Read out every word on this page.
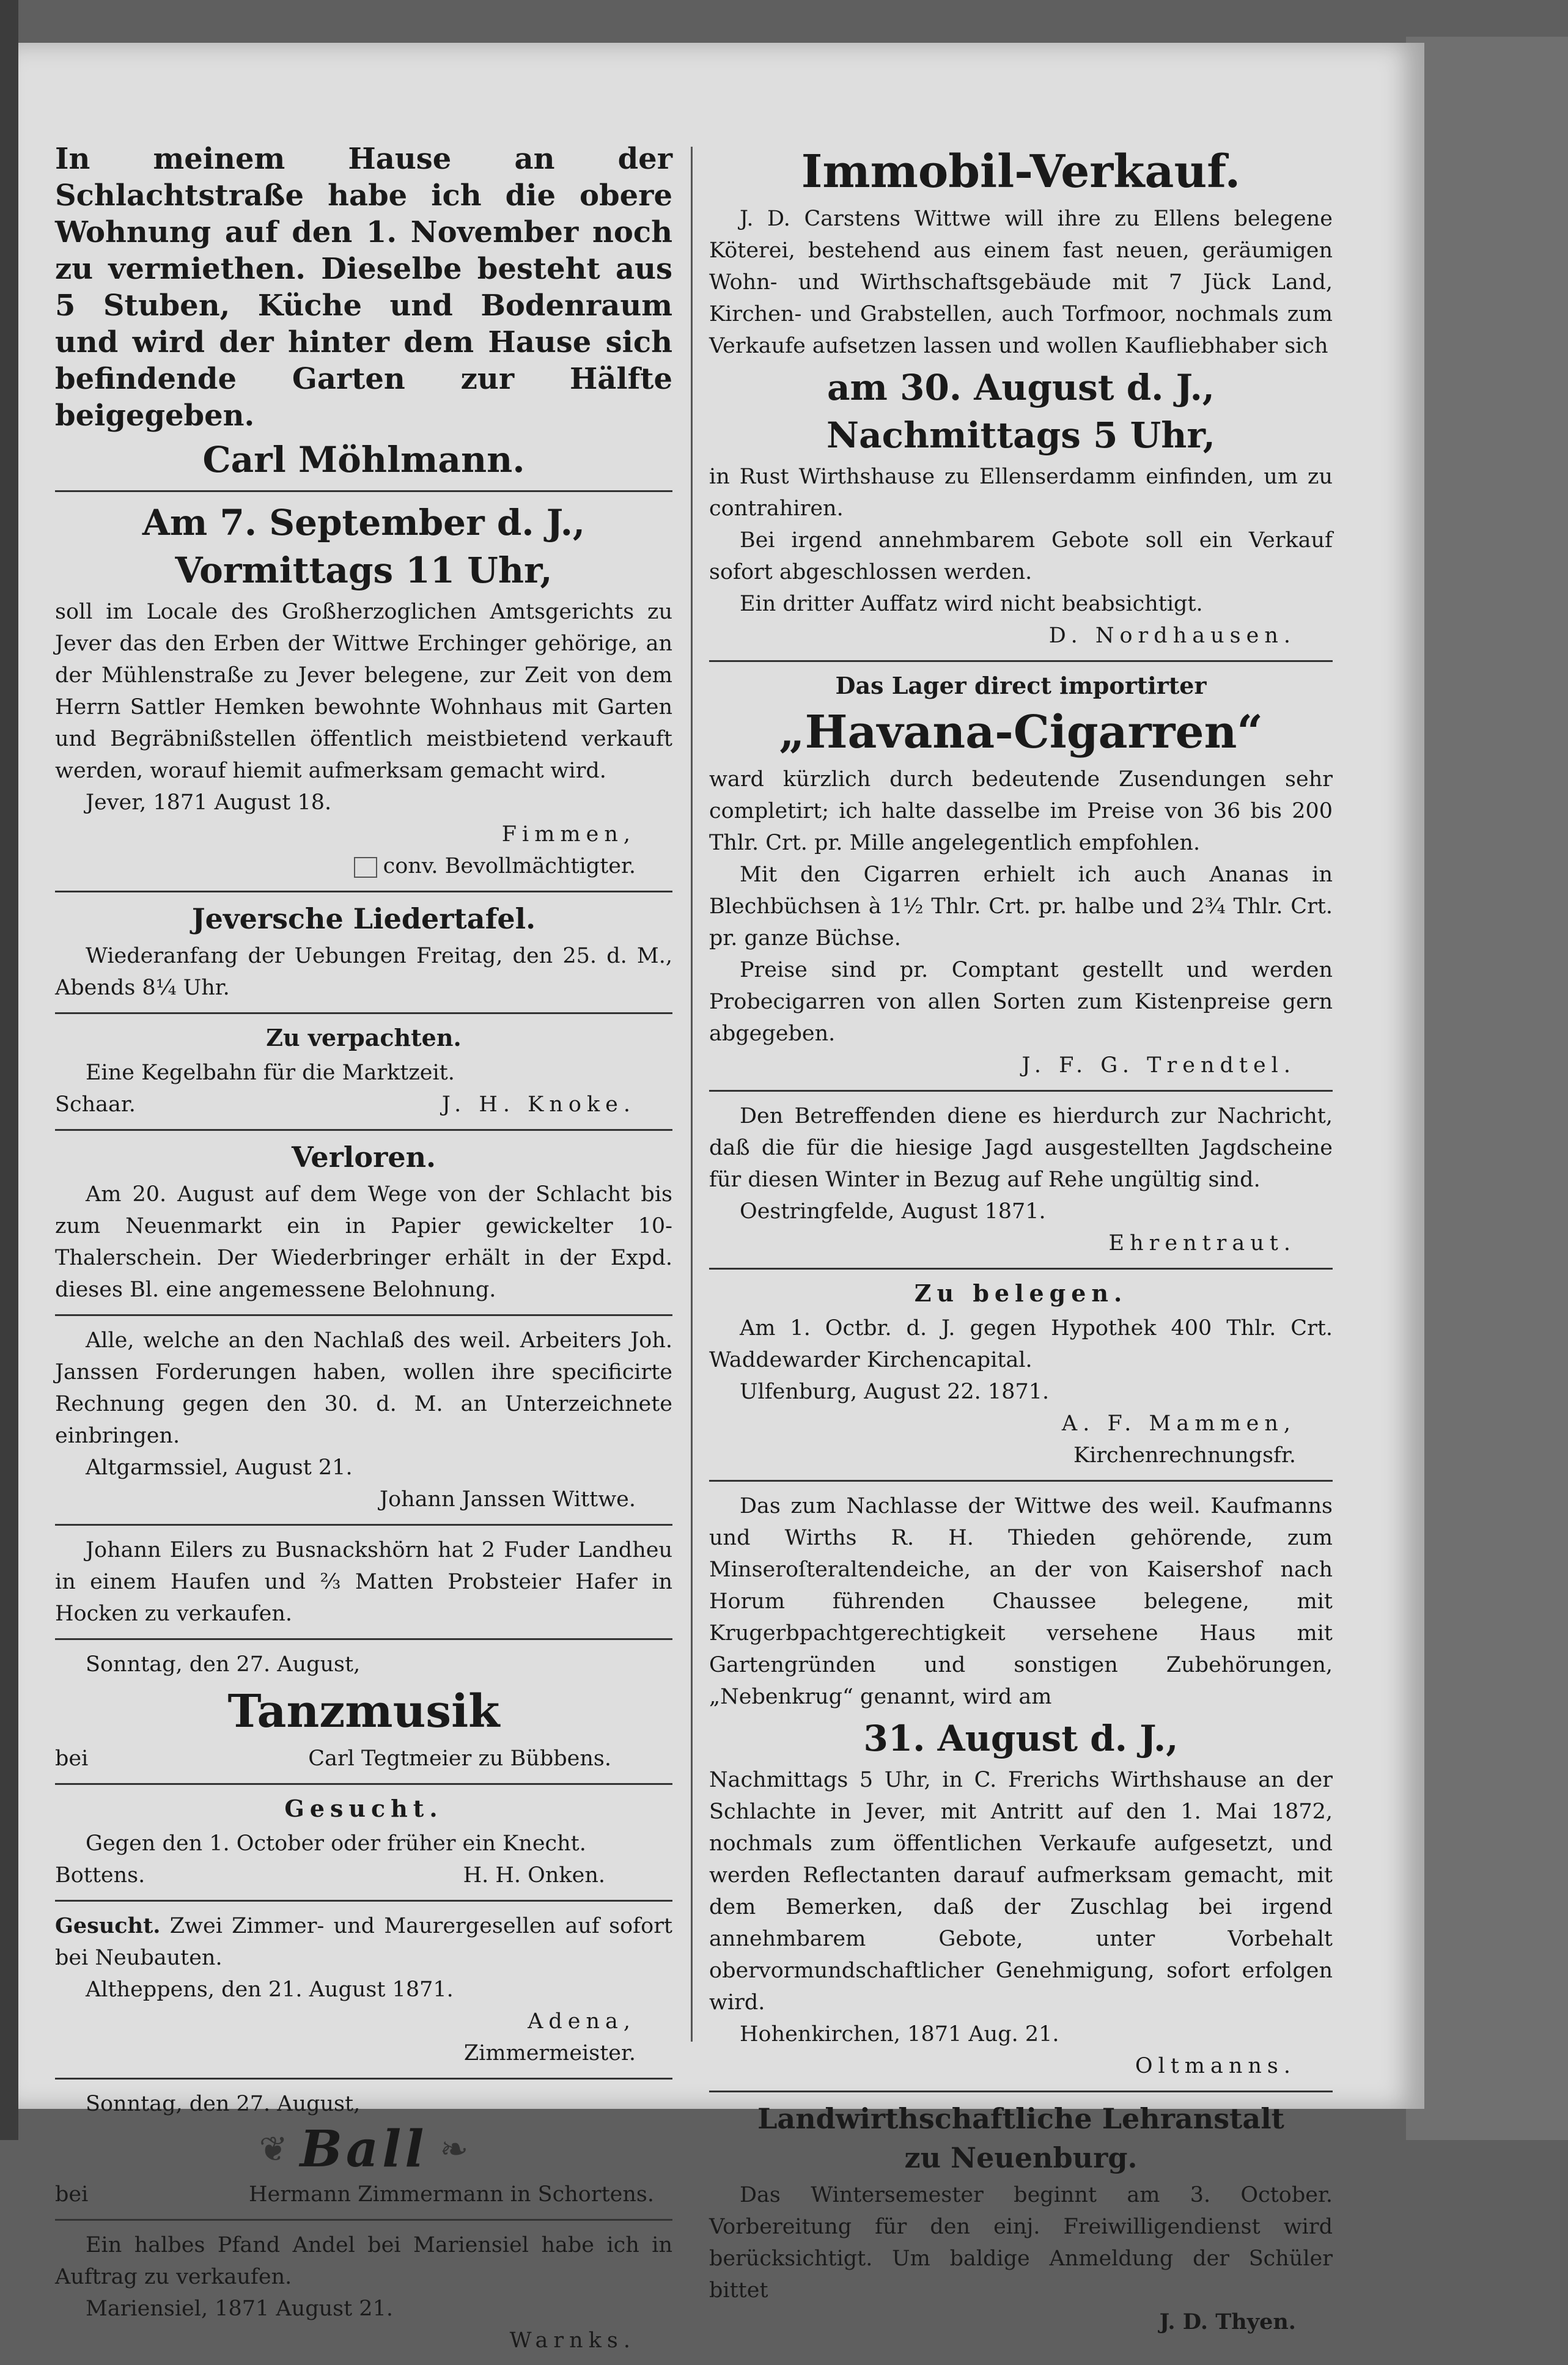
In meinem Hause an der Schlachtstraße habe ich die obere Wohnung auf den 1. November noch zu vermiethen. Dieselbe besteht aus 5 Stuben, Küche und Bodenraum und wird der hinter dem Hause sich befindende Garten zur Hälfte beigegeben.

Carl Möhlmann.
Am 7. September d. J.,
Vormittags 11 Uhr,

soll im Locale des Großherzoglichen Amtsgerichts zu Jever das den Erben der Wittwe Erchinger gehörige, an der Mühlenstraße zu Jever belegene, zur Zeit von dem Herrn Sattler Hemken bewohnte Wohnhaus mit Garten und Begräbnißstellen öffentlich meistbietend verkauft werden, worauf hiemit aufmerksam gemacht wird.

Jever, 1871 August 18.

Fimmen,

conv. Bevollmächtigter.

Jeversche Liedertafel.

Wiederanfang der Uebungen Freitag, den 25. d. M., Abends 8¼ Uhr.

Zu verpachten.

Eine Kegelbahn für die Marktzeit.

Schaar.	J. H. Knoke.
Verloren.

Am 20. August auf dem Wege von der Schlacht bis zum Neuenmarkt ein in Papier gewickelter 10-Thalerschein. Der Wiederbringer erhält in der Expd. dieses Bl. eine angemessene Belohnung.

Alle, welche an den Nachlaß des weil. Arbeiters Joh. Janssen Forderungen haben, wollen ihre specificirte Rechnung gegen den 30. d. M. an Unterzeichnete einbringen.

Altgarmssiel, August 21.

Johann Janssen Wittwe.

Johann Eilers zu Busnackshörn hat 2 Fuder Landheu in einem Haufen und ⅔ Matten Probsteier Hafer in Hocken zu verkaufen.

Sonntag, den 27. August,

Tanzmusik
bei	Carl Tegtmeier zu Bübbens.
Gesucht.

Gegen den 1. October oder früher ein Knecht.

Bottens.	H. H. Onken.

Gesucht. Zwei Zimmer- und Maurergesellen auf sofort bei Neubauten.

Altheppens, den 21. August 1871.

Adena,

Zimmermeister.

Sonntag, den 27. August,

❦ Ball ❧
bei	Hermann Zimmermann in Schortens.

Ein halbes Pfand Andel bei Mariensiel habe ich in Auftrag zu verkaufen.

Mariensiel, 1871 August 21.

Warnks.

Immobil-Verkauf.

J. D. Carstens Wittwe will ihre zu Ellens belegene Köterei, bestehend aus einem fast neuen, geräumigen Wohn- und Wirthschaftsgebäude mit 7 Jück Land, Kirchen- und Grabstellen, auch Torfmoor, nochmals zum Verkaufe aufsetzen lassen und wollen Kaufliebhaber sich

am 30. August d. J.,
Nachmittags 5 Uhr,

in Rust Wirthshause zu Ellenserdamm einfinden, um zu contrahiren.

Bei irgend annehmbarem Gebote soll ein Verkauf sofort abgeschlossen werden.

Ein dritter Auffatz wird nicht beabsichtigt.

D. Nordhausen.

Das Lager direct importirter
„Havana-Cigarren“

ward kürzlich durch bedeutende Zusendungen sehr completirt; ich halte dasselbe im Preise von 36 bis 200 Thlr. Crt. pr. Mille angelegentlich empfohlen.

Mit den Cigarren erhielt ich auch Ananas in Blechbüchsen à 1½ Thlr. Crt. pr. halbe und 2¾ Thlr. Crt. pr. ganze Büchse.

Preise sind pr. Comptant gestellt und werden Probecigarren von allen Sorten zum Kistenpreise gern abgegeben.

J. F. G. Trendtel.

Den Betreffenden diene es hierdurch zur Nachricht, daß die für die hiesige Jagd ausgestellten Jagdscheine für diesen Winter in Bezug auf Rehe ungültig sind.

Oestringfelde, August 1871.

Ehrentraut.

Zu belegen.

Am 1. Octbr. d. J. gegen Hypothek 400 Thlr. Crt. Waddewarder Kirchencapital.

Ulfenburg, August 22. 1871.

A. F. Mammen,

Kirchenrechnungsfr.

Das zum Nachlasse der Wittwe des weil. Kaufmanns und Wirths R. H. Thieden gehörende, zum Minseroſteraltendeiche, an der von Kaisershof nach Horum führenden Chaussee belegene, mit Krugerbpachtgerechtigkeit versehene Haus mit Gartengründen und sonstigen Zubehörungen, „Nebenkrug“ genannt, wird am

31. August d. J.,

Nachmittags 5 Uhr, in C. Frerichs Wirthshause an der Schlachte in Jever, mit Antritt auf den 1. Mai 1872, nochmals zum öffentlichen Verkaufe aufgesetzt, und werden Reflectanten darauf aufmerksam gemacht, mit dem Bemerken, daß der Zuschlag bei irgend annehmbarem Gebote, unter Vorbehalt obervormundschaftlicher Genehmigung, sofort erfolgen wird.

Hohenkirchen, 1871 Aug. 21.

Oltmanns.

Landwirthschaftliche Lehranstalt
zu Neuenburg.

Das Wintersemester beginnt am 3. October. Vorbereitung für den einj. Freiwilligendienst wird berücksichtigt. Um baldige Anmeldung der Schüler bittet

J. D. Thyen.
